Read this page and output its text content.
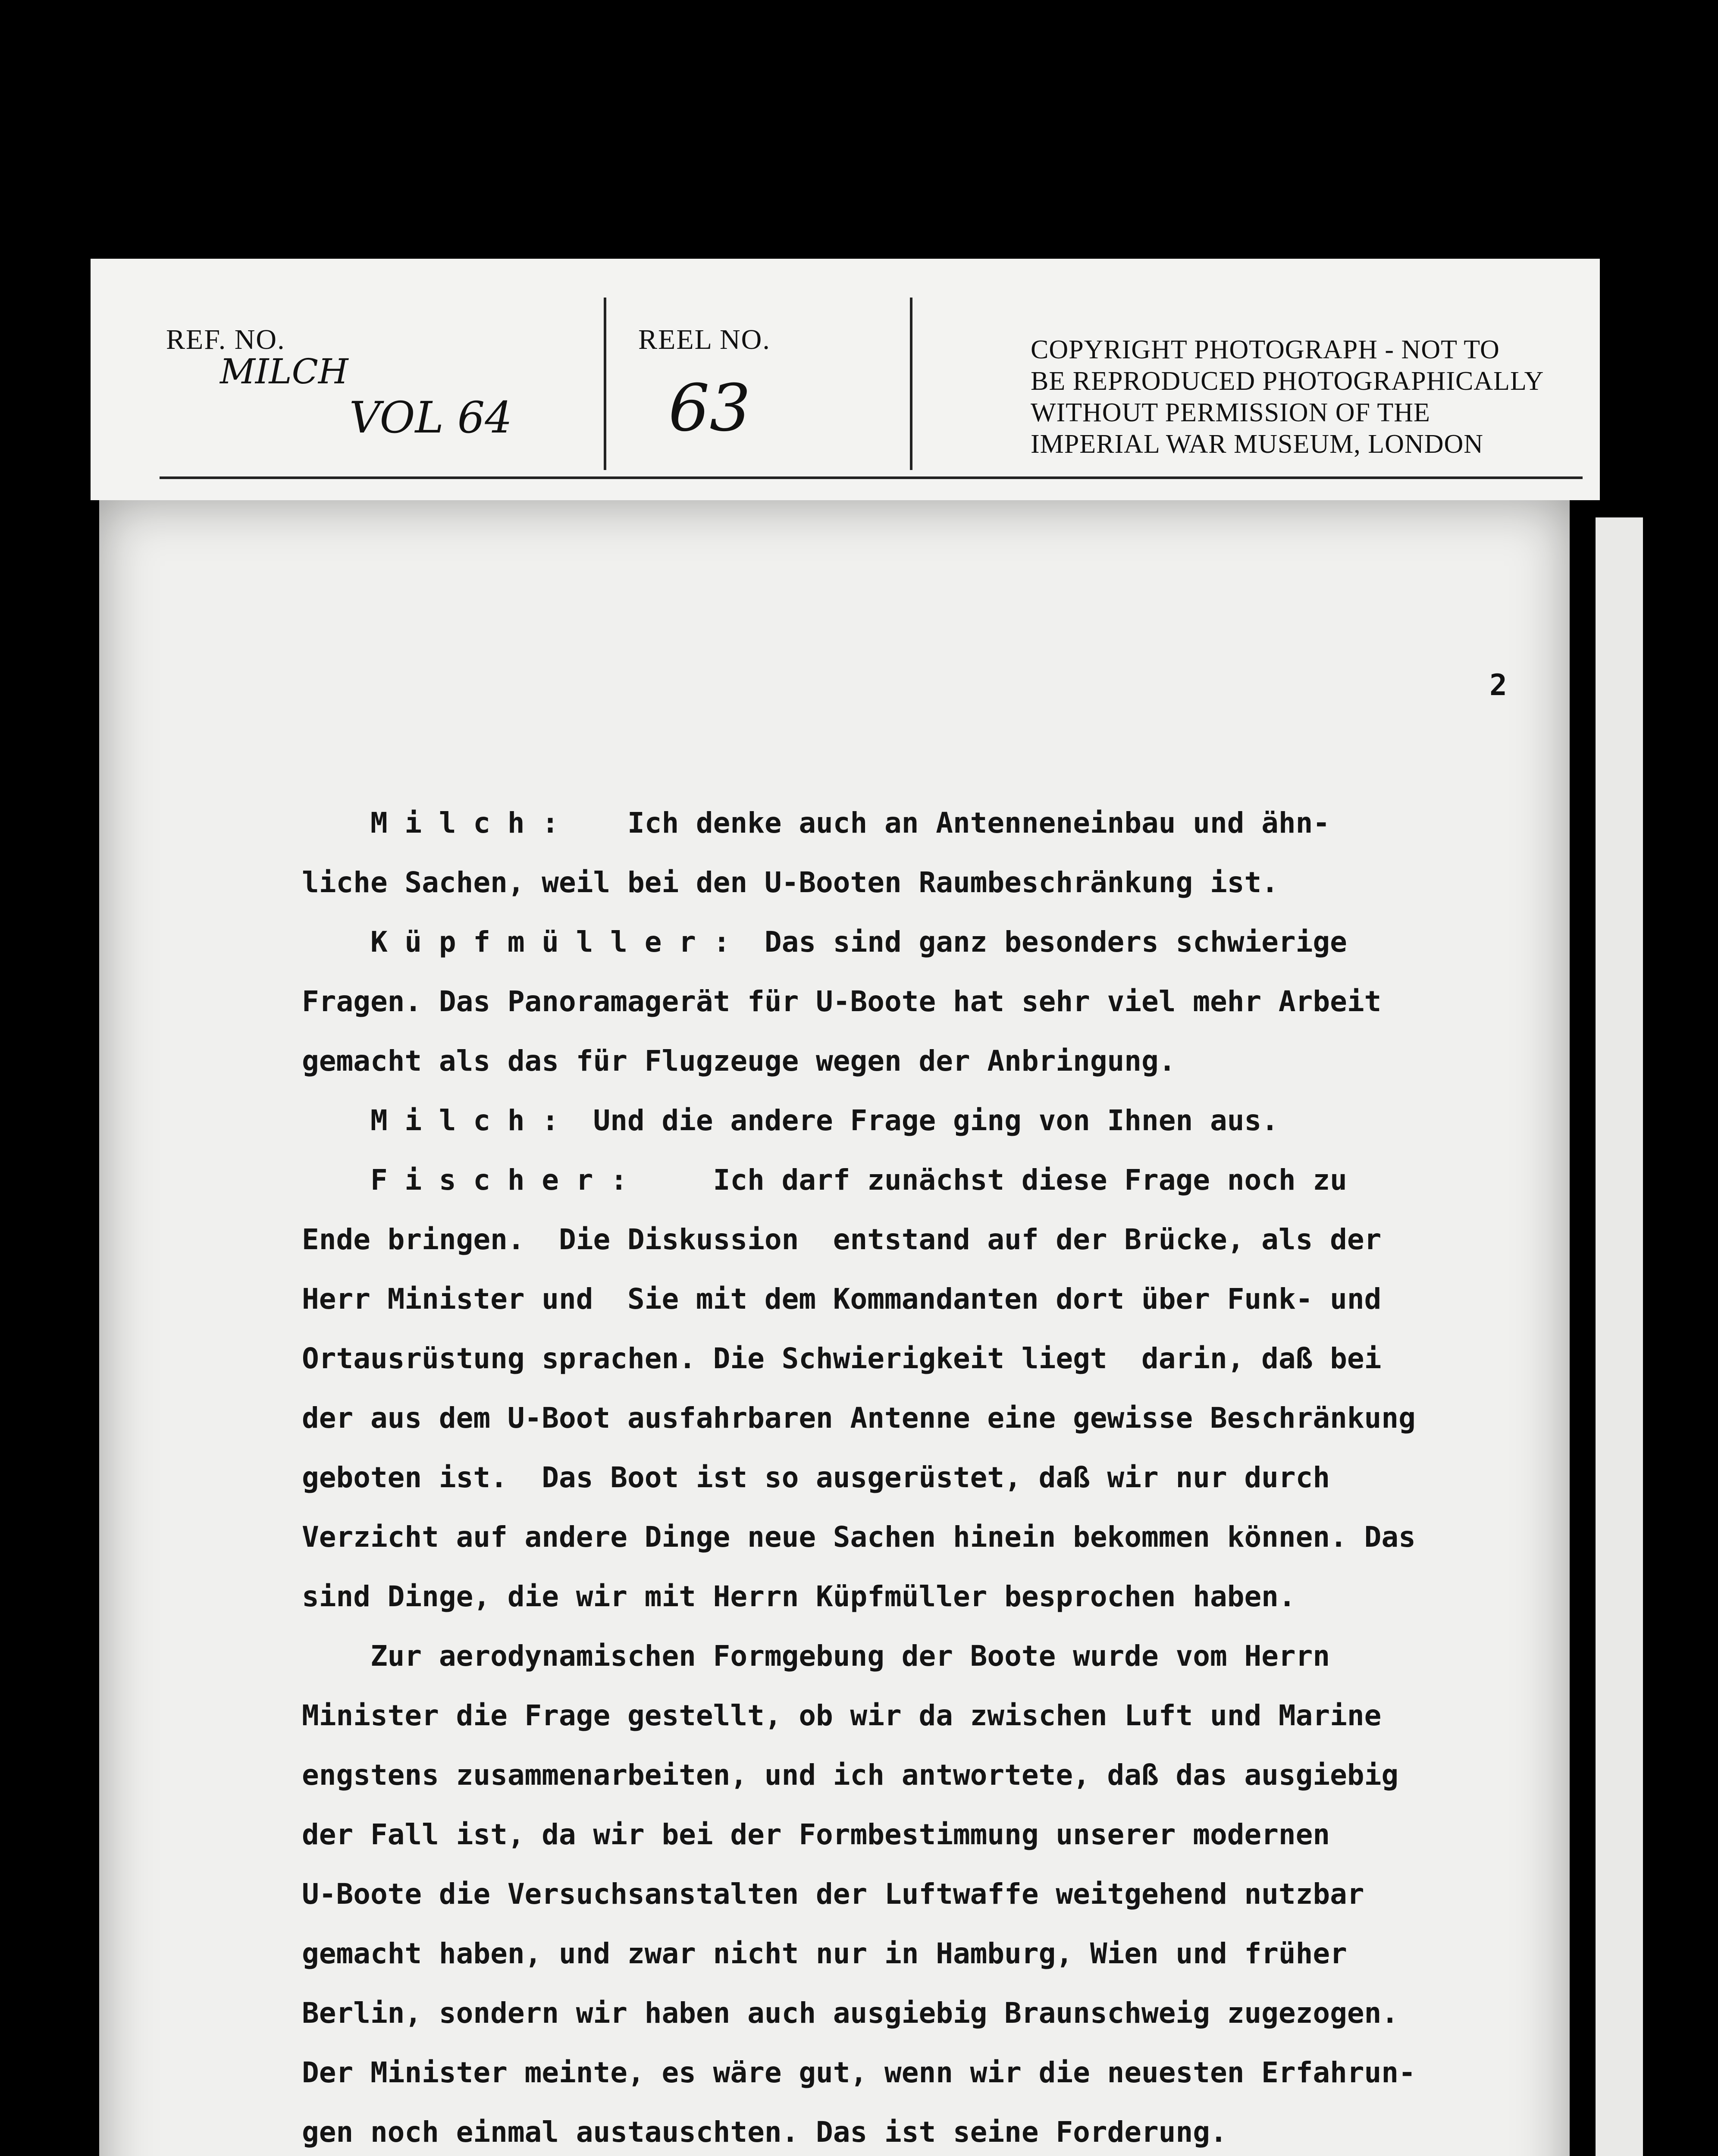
REF. NO.
MILCH
VOL 64
REEL NO.
63
COPYRIGHT PHOTOGRAPH - NOT TO
BE REPRODUCED PHOTOGRAPHICALLY
WITHOUT PERMISSION OF THE
IMPERIAL WAR MUSEUM, LONDON
2
M i l c h :    Ich denke auch an Antenneneinbau und ähn-
liche Sachen, weil bei den U-Booten Raumbeschränkung ist.
K ü p f m ü l l e r :  Das sind ganz besonders schwierige
Fragen. Das Panoramagerät für U-Boote hat sehr viel mehr Arbeit
gemacht als das für Flugzeuge wegen der Anbringung.
M i l c h :  Und die andere Frage ging von Ihnen aus.
F i s c h e r :     Ich darf zunächst diese Frage noch zu
Ende bringen.  Die Diskussion  entstand auf der Brücke, als der
Herr Minister und  Sie mit dem Kommandanten dort über Funk- und
Ortausrüstung sprachen. Die Schwierigkeit liegt  darin, daß bei
der aus dem U-Boot ausfahrbaren Antenne eine gewisse Beschränkung
geboten ist.  Das Boot ist so ausgerüstet, daß wir nur durch
Verzicht auf andere Dinge neue Sachen hinein bekommen können. Das
sind Dinge, die wir mit Herrn Küpfmüller besprochen haben.
Zur aerodynamischen Formgebung der Boote wurde vom Herrn
Minister die Frage gestellt, ob wir da zwischen Luft und Marine
engstens zusammenarbeiten, und ich antwortete, daß das ausgiebig
der Fall ist, da wir bei der Formbestimmung unserer modernen
U-Boote die Versuchsanstalten der Luftwaffe weitgehend nutzbar
gemacht haben, und zwar nicht nur in Hamburg, Wien und früher
Berlin, sondern wir haben auch ausgiebig Braunschweig zugezogen.
Der Minister meinte, es wäre gut, wenn wir die neuesten Erfahrun-
gen noch einmal austauschten. Das ist seine Forderung.
